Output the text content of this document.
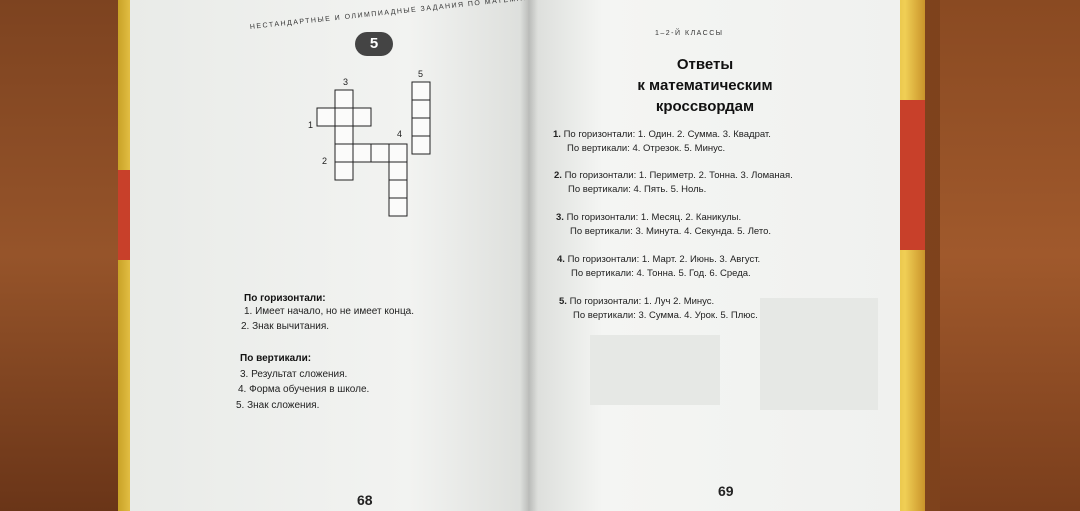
НЕСТАНДАРТНЫЕ И ОЛИМПИАДНЫЕ ЗАДАНИЯ ПО
5
3
5
1
4
2
По горизонтали:
1. Имеет начало, но не имеет конца.
2. Знак вычитания.
По вертикали:
3. Результат сложения.
4. Форма обучения в школе.
5. Знак сложения.
68
1–2-Й КЛАССЫ
Ответы
к математическим
кроссвордам
1. По горизонтали: 1. Один. 2. Сумма. 3. Квадрат.
По вертикали: 4. Отрезок. 5. Минус.
2. По горизонтали: 1. Периметр. 2. Тонна. 3. Ломаная.
По вертикали: 4. Пять. 5. Ноль.
3. По горизонтали: 1. Месяц. 2. Каникулы.
По вертикали: 3. Минута. 4. Секунда. 5. Лето.
4. По горизонтали: 1. Март. 2. Июнь. 3. Август.
По вертикали: 4. Тонна. 5. Год. 6. Среда.
5. По горизонтали: 1. Луч 2. Минус.
По вертикали: 3. Сумма. 4. Урок. 5. Плюс.
69
